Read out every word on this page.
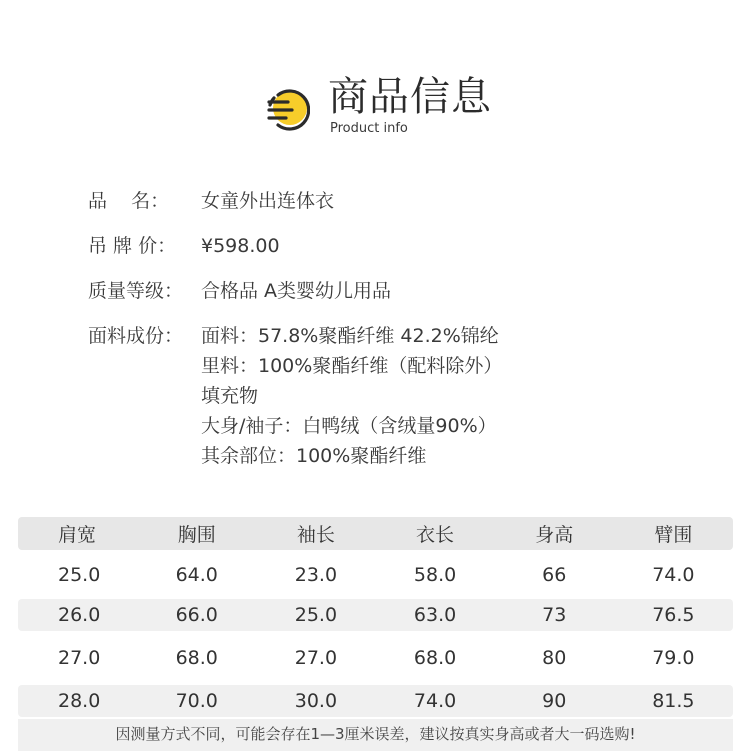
商品信息
Product info
品    名：	女童外出连体衣
吊 牌 价：	¥598.00
质量等级： 合格品 A类婴幼儿用品
面料成份： 面料：57.8%聚酯纤维 42.2%锦纶
里料：100%聚酯纤维（配料除外）
填充物
大身/袖子：白鸭绒（含绒量90%）
其余部位：100%聚酯纤维
肩宽	胸围	袖长	衣长	身高	臂围
25.0	64.0	23.0	58.0	66	74.0
26.0	66.0	25.0	63.0	73	76.5
27.0	68.0	27.0	68.0	80	79.0
28.0	70.0	30.0	74.0	90	81.5
因测量方式不同，可能会存在1—3厘米误差，建议按真实身高或者大一码选购!
